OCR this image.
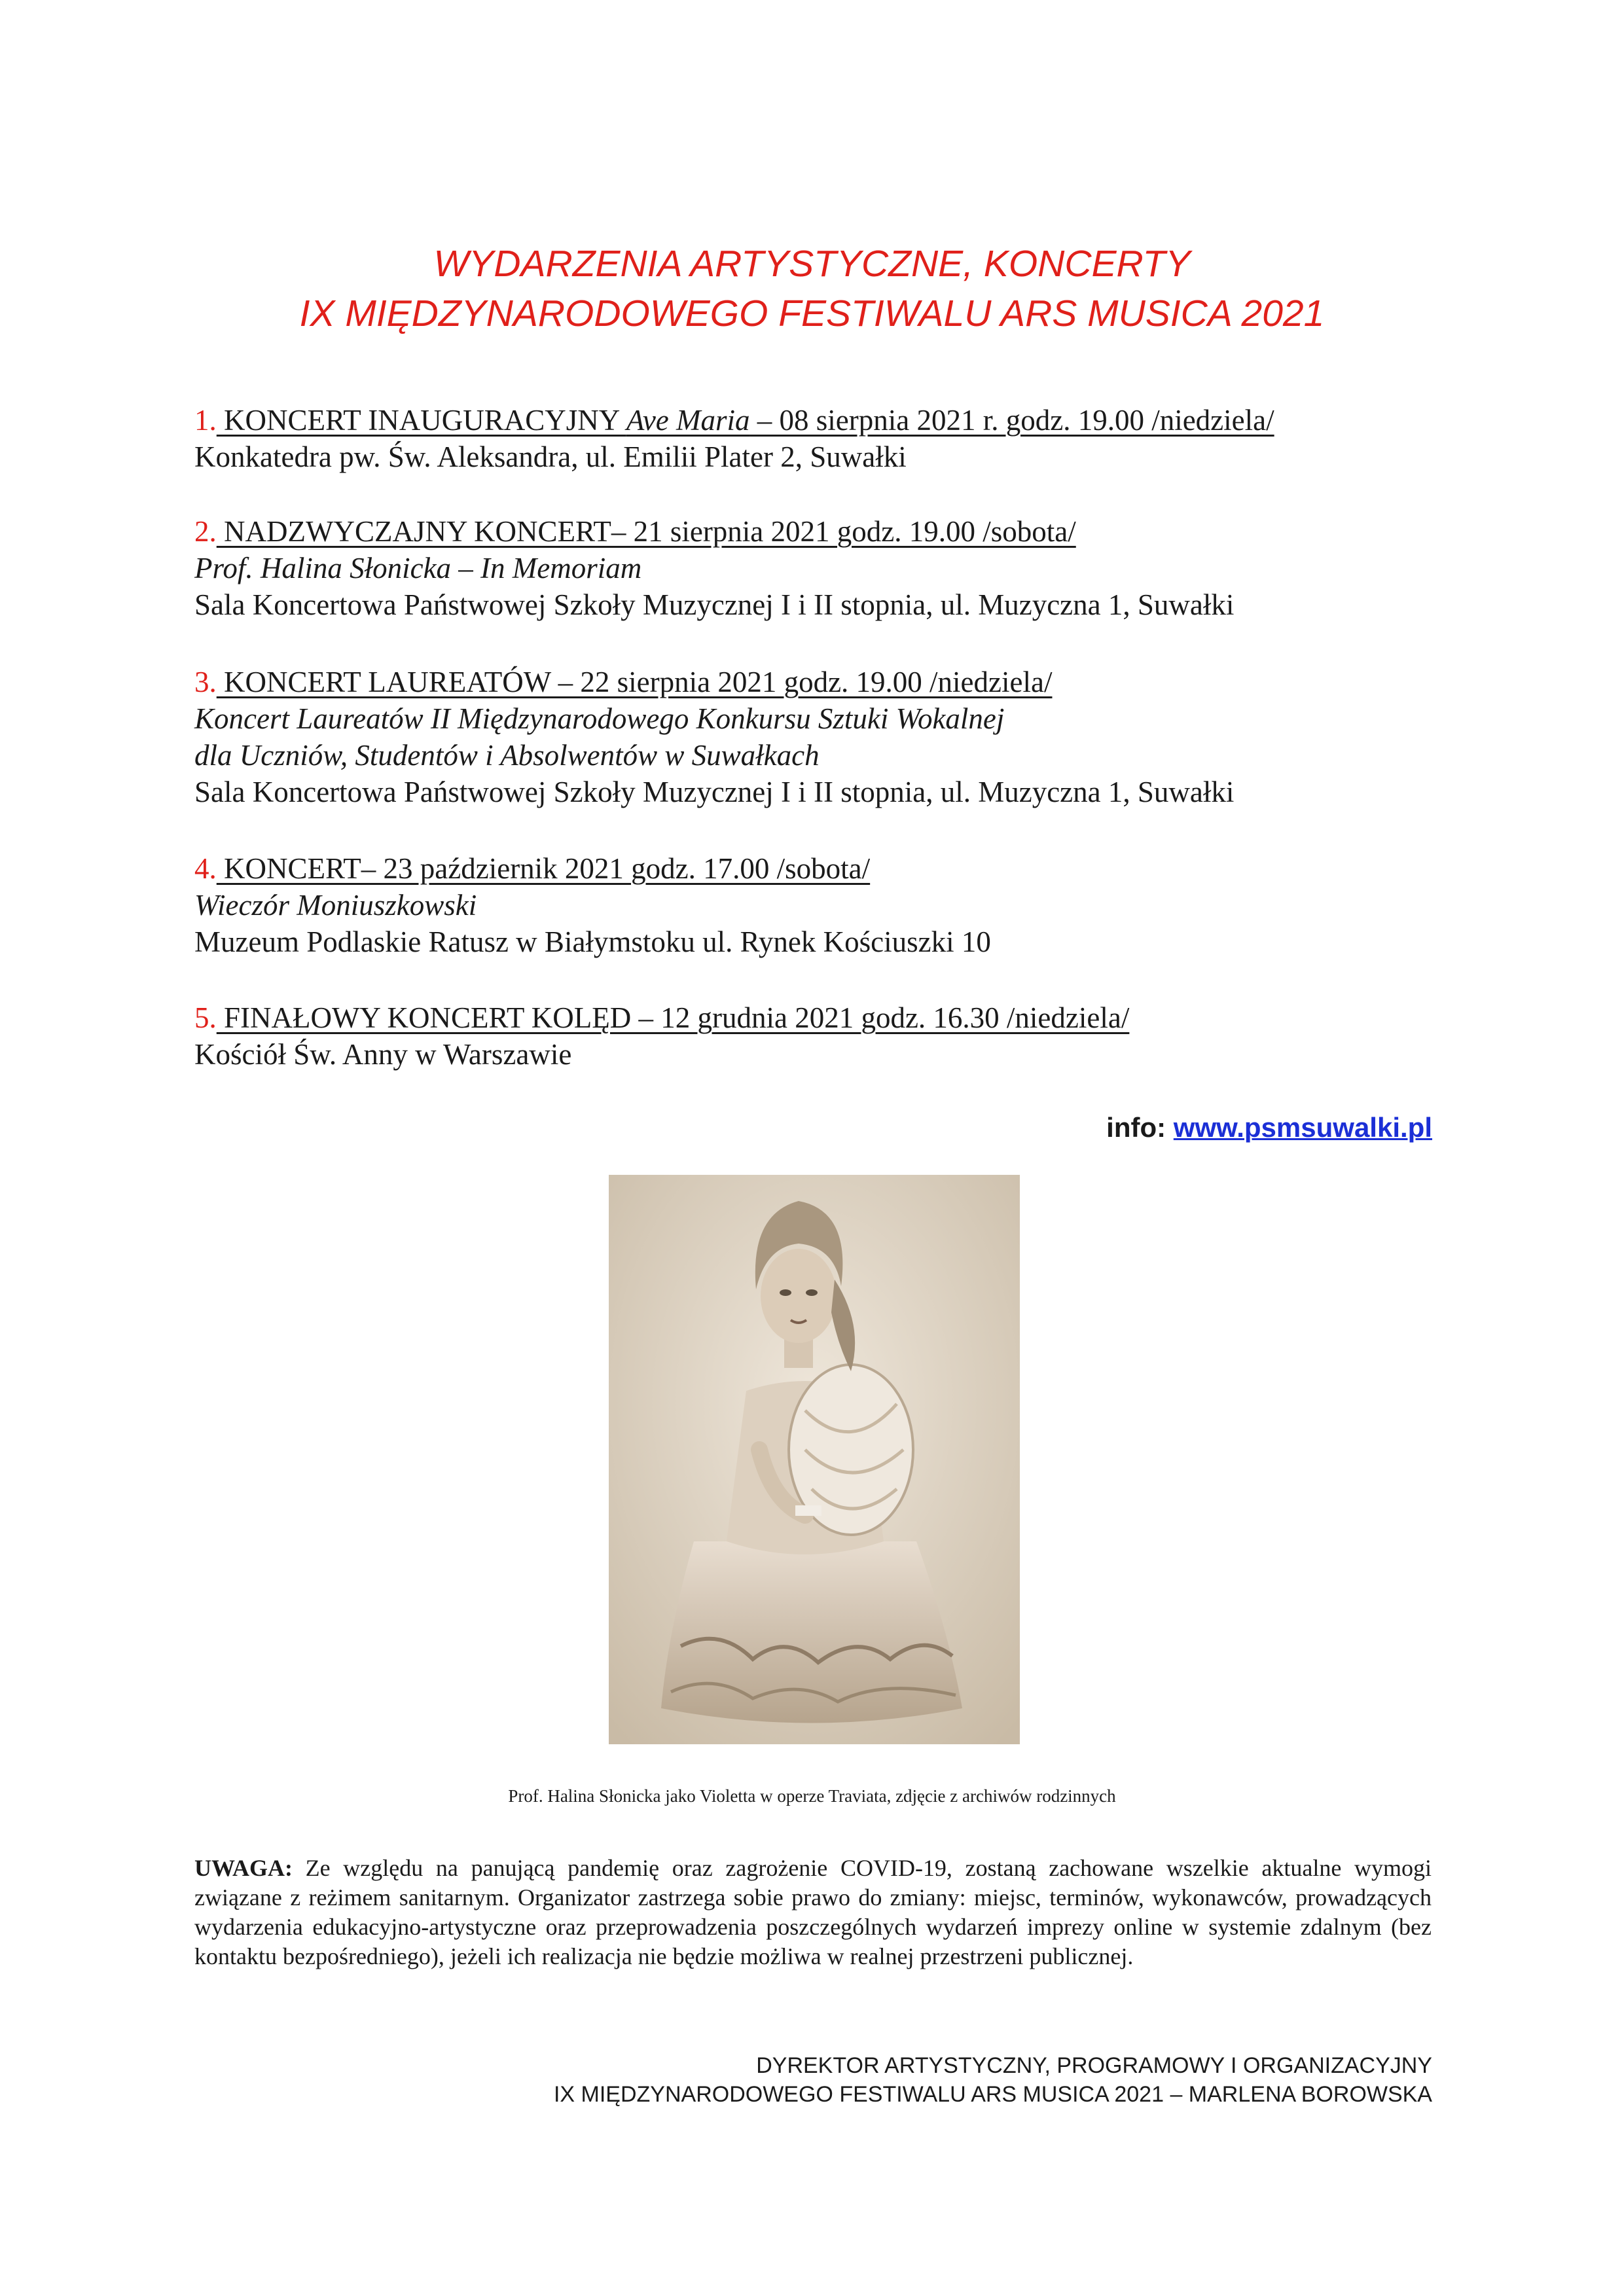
WYDARZENIA ARTYSTYCZNE, KONCERTY
IX MIĘDZYNARODOWEGO FESTIWALU ARS MUSICA 2021
1. KONCERT INAUGURACYJNY Ave Maria – 08 sierpnia 2021 r. godz. 19.00 /niedziela/
Konkatedra pw. Św. Aleksandra, ul. Emilii Plater 2, Suwałki
2. NADZWYCZAJNY KONCERT– 21 sierpnia 2021 godz. 19.00 /sobota/
Prof. Halina Słonicka – In Memoriam
Sala Koncertowa Państwowej Szkoły Muzycznej I i II stopnia, ul. Muzyczna 1, Suwałki
3. KONCERT LAUREATÓW – 22 sierpnia 2021 godz. 19.00 /niedziela/
Koncert Laureatów II Międzynarodowego Konkursu Sztuki Wokalnej
dla Uczniów, Studentów i Absolwentów w Suwałkach
Sala Koncertowa Państwowej Szkoły Muzycznej I i II stopnia, ul. Muzyczna 1, Suwałki
4. KONCERT– 23 październik 2021 godz. 17.00 /sobota/
Wieczór Moniuszkowski
Muzeum Podlaskie Ratusz w Białymstoku ul. Rynek Kościuszki 10
5. FINAŁOWY KONCERT KOLĘD – 12 grudnia 2021 godz. 16.30 /niedziela/
Kościół Św. Anny w Warszawie
info: www.psmsuwalki.pl
Prof. Halina Słonicka jako Violetta w operze Traviata, zdjęcie z archiwów rodzinnych
UWAGA: Ze względu na panującą pandemię oraz zagrożenie COVID-19, zostaną zachowane wszelkie aktualne wymogi związane z reżimem sanitarnym. Organizator zastrzega sobie prawo do zmiany: miejsc, terminów, wykonawców, prowadzących wydarzenia edukacyjno-artystyczne oraz przeprowadzenia poszczególnych wydarzeń imprezy online w systemie zdalnym (bez kontaktu bezpośredniego), jeżeli ich realizacja nie będzie możliwa w realnej przestrzeni publicznej.
DYREKTOR ARTYSTYCZNY, PROGRAMOWY I ORGANIZACYJNY
IX MIĘDZYNARODOWEGO FESTIWALU ARS MUSICA 2021 – MARLENA BOROWSKA
